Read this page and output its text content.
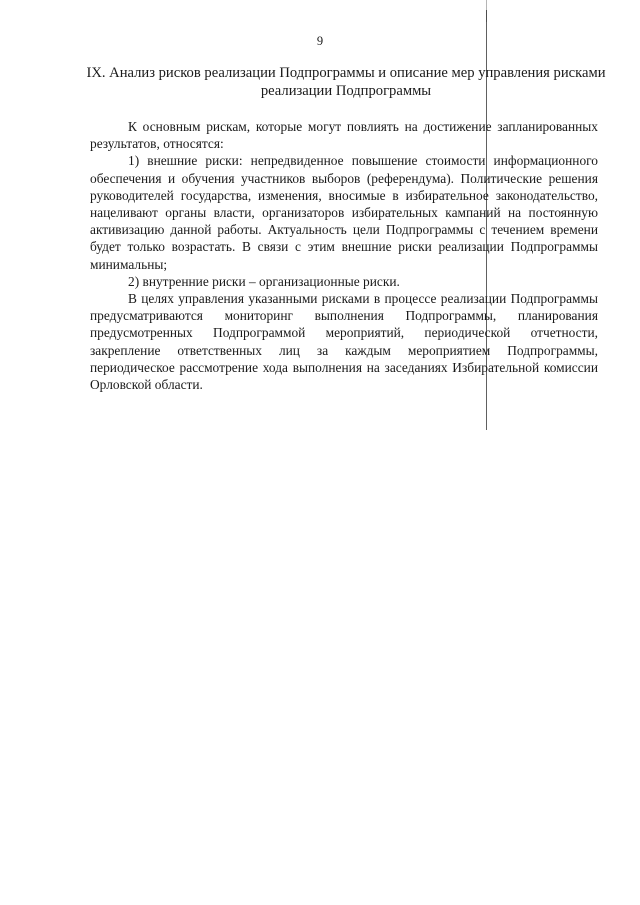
9
IX. Анализ рисков реализации Подпрограммы и описание мер управления рисками реализации Подпрограммы

К основным рискам, которые могут повлиять на достижение запланированных результатов, относятся:

1) внешние риски: непредвиденное повышение стоимости информационного обеспечения и обучения участников выборов (референдума). Политические решения руководителей государства, изменения, вносимые в избирательное законодательство, нацеливают органы власти, организаторов избирательных кампаний на постоянную активизацию данной работы. Актуальность цели Подпрограммы с течением времени будет только возрастать. В связи с этим внешние риски реализации Подпрограммы минимальны;

2) внутренние риски – организационные риски.

В целях управления указанными рисками в процессе реализации Подпрограммы предусматриваются мониторинг выполнения Подпрограммы, планирования предусмотренных Подпрограммой мероприятий, периодической отчетности, закрепление ответственных лиц за каждым мероприятием Подпрограммы, периодическое рассмотрение хода выполнения на заседаниях Избирательной комиссии Орловской области.
